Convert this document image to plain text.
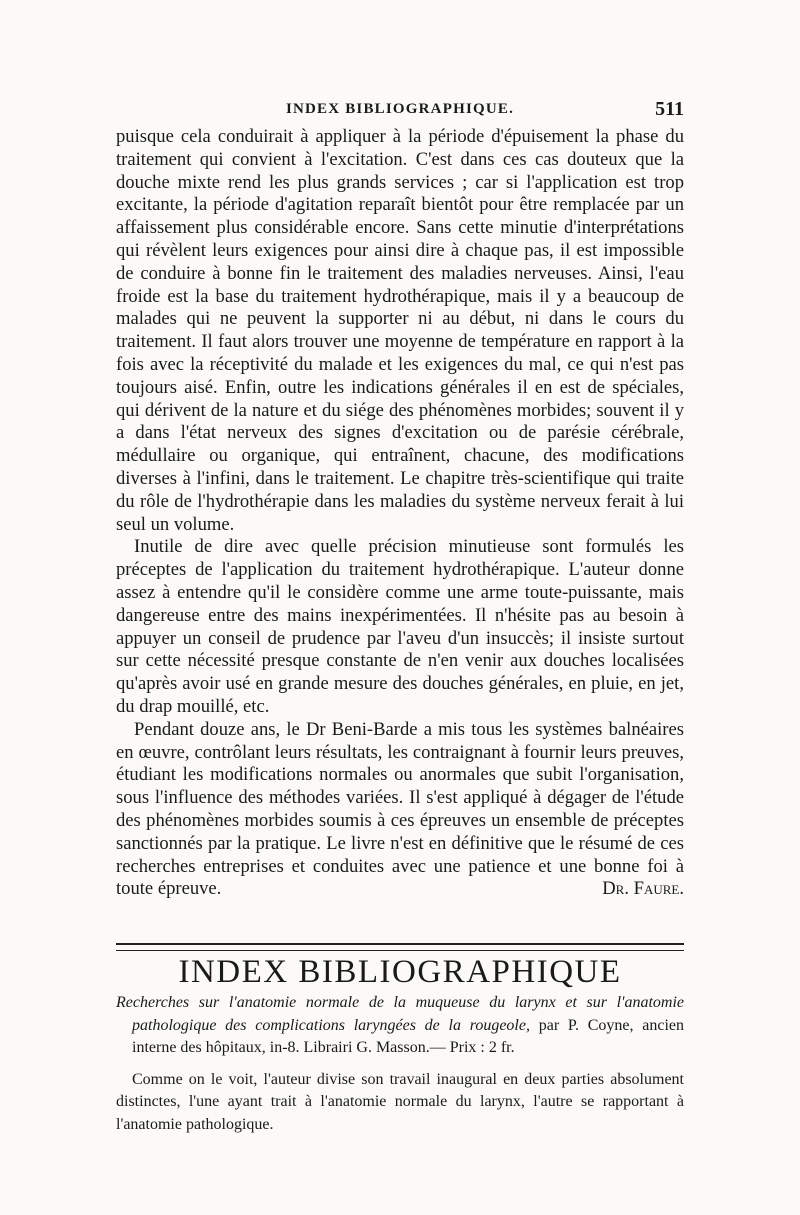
INDEX BIBLIOGRAPHIQUE.	511

puisque cela conduirait à appliquer à la période d'épuisement la phase du traitement qui convient à l'excitation. C'est dans ces cas douteux que la douche mixte rend les plus grands services ; car si l'application est trop excitante, la période d'agitation reparaît bientôt pour être remplacée par un affaissement plus considérable encore. Sans cette minutie d'interprétations qui révèlent leurs exigences pour ainsi dire à chaque pas, il est impossible de conduire à bonne fin le traitement des maladies nerveuses. Ainsi, l'eau froide est la base du traitement hydrothérapique, mais il y a beaucoup de malades qui ne peuvent la supporter ni au début, ni dans le cours du traitement. Il faut alors trouver une moyenne de température en rapport à la fois avec la réceptivité du malade et les exigences du mal, ce qui n'est pas toujours aisé. Enfin, outre les indications générales il en est de spéciales, qui dérivent de la nature et du siége des phénomènes morbides; souvent il y a dans l'état nerveux des signes d'excitation ou de parésie cérébrale, médullaire ou organique, qui entraînent, chacune, des modifications diverses à l'infini, dans le traitement. Le chapitre très-scientifique qui traite du rôle de l'hydrothérapie dans les maladies du système nerveux ferait à lui seul un volume.

Inutile de dire avec quelle précision minutieuse sont formulés les préceptes de l'application du traitement hydrothérapique. L'auteur donne assez à entendre qu'il le considère comme une arme toute-puissante, mais dangereuse entre des mains inexpérimentées. Il n'hésite pas au besoin à appuyer un conseil de prudence par l'aveu d'un insuccès; il insiste surtout sur cette nécessité presque constante de n'en venir aux douches localisées qu'après avoir usé en grande mesure des douches générales, en pluie, en jet, du drap mouillé, etc.

Pendant douze ans, le Dr Beni-Barde a mis tous les systèmes balnéaires en œuvre, contrôlant leurs résultats, les contraignant à fournir leurs preuves, étudiant les modifications normales ou anormales que subit l'organisation, sous l'influence des méthodes variées. Il s'est appliqué à dégager de l'étude des phénomènes morbides soumis à ces épreuves un ensemble de préceptes sanctionnés par la pratique. Le livre n'est en définitive que le résumé de ces recherches entreprises et conduites avec une patience et une bonne foi à toute épreuve.	Dr. Faure.

INDEX BIBLIOGRAPHIQUE

Recherches sur l'anatomie normale de la muqueuse du larynx et sur l'anatomie pathologique des complications laryngées de la rougeole, par P. Coyne, ancien interne des hôpitaux, in-8. Librairi G. Masson.— Prix : 2 fr.

Comme on le voit, l'auteur divise son travail inaugural en deux parties absolument distinctes, l'une ayant trait à l'anatomie normale du larynx, l'autre se rapportant à l'anatomie pathologique.
